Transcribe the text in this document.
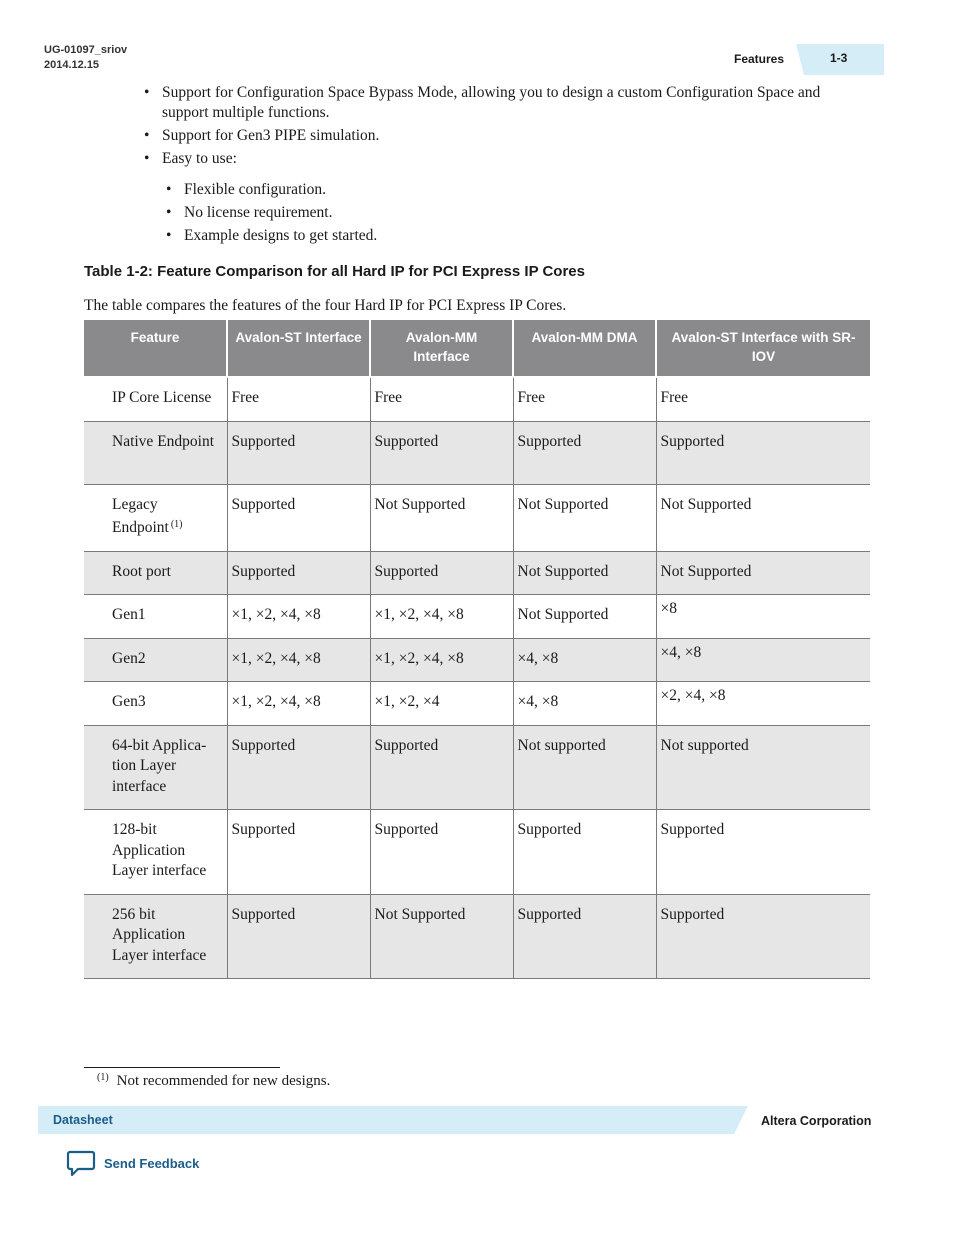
UG-01097_sriov
2014.12.15	Features	1-3
• Support for Configuration Space Bypass Mode, allowing you to design a custom Configuration Space and support multiple functions.
• Support for Gen3 PIPE simulation.
• Easy to use:
• Flexible configuration.
• No license requirement.
• Example designs to get started.
Table 1-2: Feature Comparison for all Hard IP for PCI Express IP Cores
The table compares the features of the four Hard IP for PCI Express IP Cores.
Feature	Avalon-ST Interface	Avalon-MM Interface	Avalon-MM DMA	Avalon-ST Interface with SR-IOV
IP Core License	Free	Free	Free	Free
Native Endpoint	Supported	Supported	Supported	Supported
Legacy Endpoint $^{(1)}$	Supported	Not Supported	Not Supported	Not Supported
Root port	Supported	Supported	Not Supported	Not Supported
Gen1	×1, ×2, ×4, ×8	×1, ×2, ×4, ×8	Not Supported	×8
Gen2	×1, ×2, ×4, ×8	×1, ×2, ×4, ×8	×4, ×8	×4, ×8
Gen3	×1, ×2, ×4, ×8	×1, ×2, ×4	×4, ×8	×2, ×4, ×8
64-bit Applica-tion Layer interface	Supported	Supported	Not supported	Not supported
128-bit Application Layer interface	Supported	Supported	Supported	Supported
256 bit Application Layer interface	Supported	Not Supported	Supported	Supported
$^{(1)}$ Not recommended for new designs.
Datasheet	Altera Corporation
Send Feedback
